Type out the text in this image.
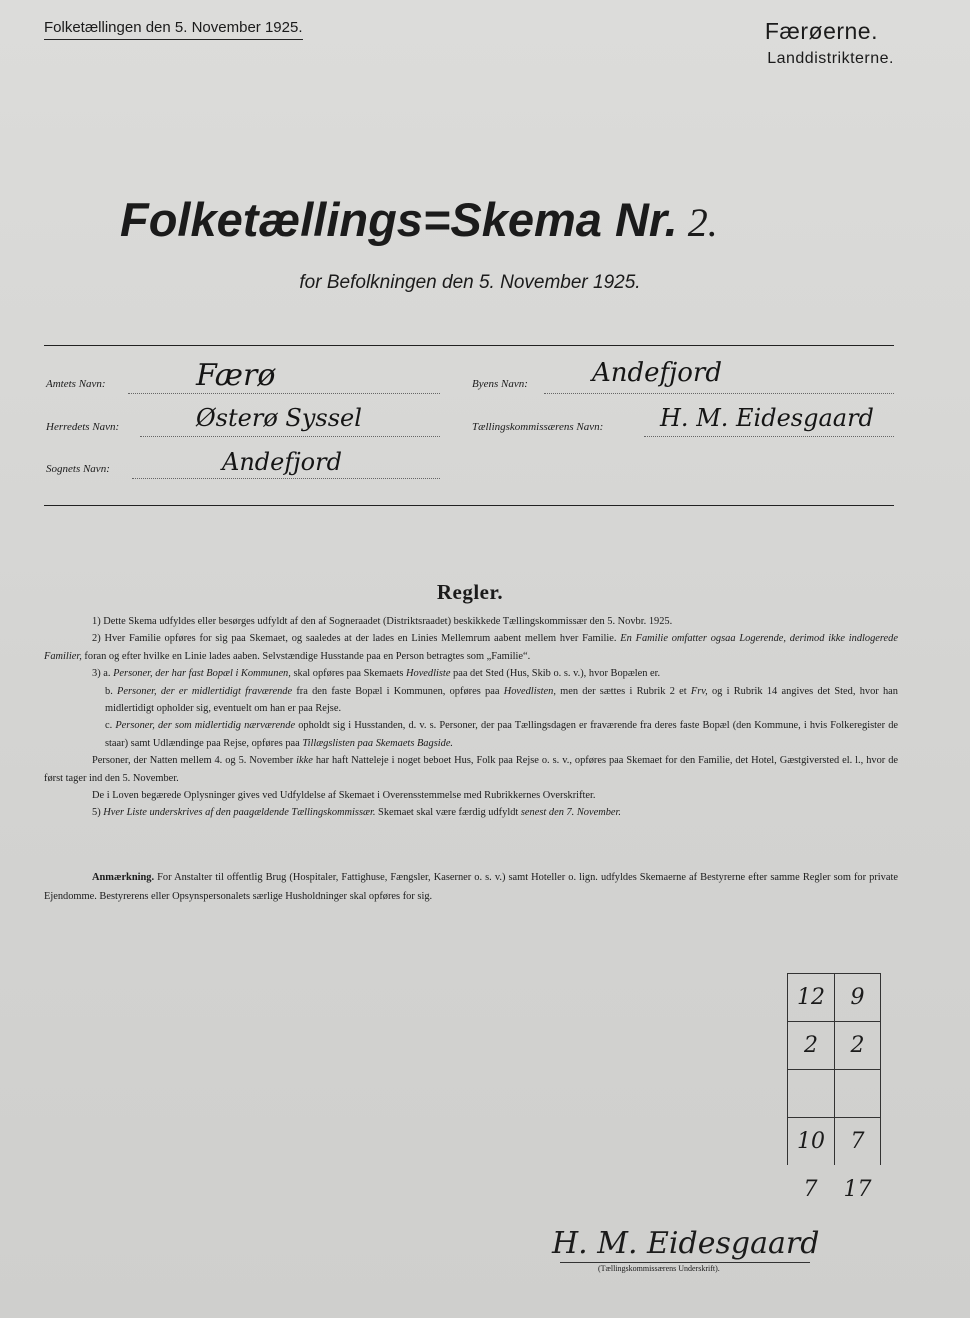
Folketællingen den 5. November 1925.	Færøerne.
Landdistrikterne.
Folketællings=Skema Nr. 2.
for Befolkningen den 5. November 1925.
Amtets Navn:	Færø
Herredets Navn:	Østerø Syssel
Sognets Navn:	Andefjord
Byens Navn: Andefjord
Tællingskommissærens Navn: H. M. Eidesgaard
Regler.

1) Dette Skema udfyldes eller besørges udfyldt af den af Sogneraadet (Distriktsraadet) beskikkede Tællingskommissær den 5. Novbr. 1925.

2) Hver Familie opføres for sig paa Skemaet, og saaledes at der lades en Linies Mellemrum aabent mellem hver Familie. En Familie omfatter ogsaa Logerende, derimod ikke indlogerede Familier, foran og efter hvilke en Linie lades aaben. Selvstændige Husstande paa en Person betragtes som „Familie“.

3) a. Personer, der har fast Bopæl i Kommunen, skal opføres paa Skemaets Hovedliste paa det Sted (Hus, Skib o. s. v.), hvor Bopælen er.

b. Personer, der er midlertidigt fraværende fra den faste Bopæl i Kommunen, opføres paa Hovedlisten, men der sættes i Rubrik 2 et Frv, og i Rubrik 14 angives det Sted, hvor han midlertidigt opholder sig, eventuelt om han er paa Rejse.

c. Personer, der som midlertidig nærværende opholdt sig i Husstanden, d. v. s. Personer, der paa Tællingsdagen er fraværende fra deres faste Bopæl (den Kommune, i hvis Folkeregister de staar) samt Udlændinge paa Rejse, opføres paa Tillægslisten paa Skemaets Bagside.

Personer, der Natten mellem 4. og 5. November ikke har haft Natteleje i noget beboet Hus, Folk paa Rejse o. s. v., opføres paa Skemaet for den Familie, det Hotel, Gæstgiversted el. l., hvor de først tager ind den 5. November.

De i Loven begærede Oplysninger gives ved Udfyldelse af Skemaet i Overensstemmelse med Rubrikkernes Overskrifter.

5) Hver Liste underskrives af den paagældende Tællingskommissær. Skemaet skal være færdig udfyldt senest den 7. November.

Anmærkning. For Anstalter til offentlig Brug (Hospitaler, Fattighuse, Fængsler, Kaserner o. s. v.) samt Hoteller o. lign. udfyldes Skemaerne af Bestyrerne efter samme Regler som for private Ejendomme. Bestyrerens eller Opsynspersonalets særlige Husholdninger skal opføres for sig.
12	9
2	2
10	7
7	17
H. M. Eidesgaard
(Tællingskommissærens Underskrift).
